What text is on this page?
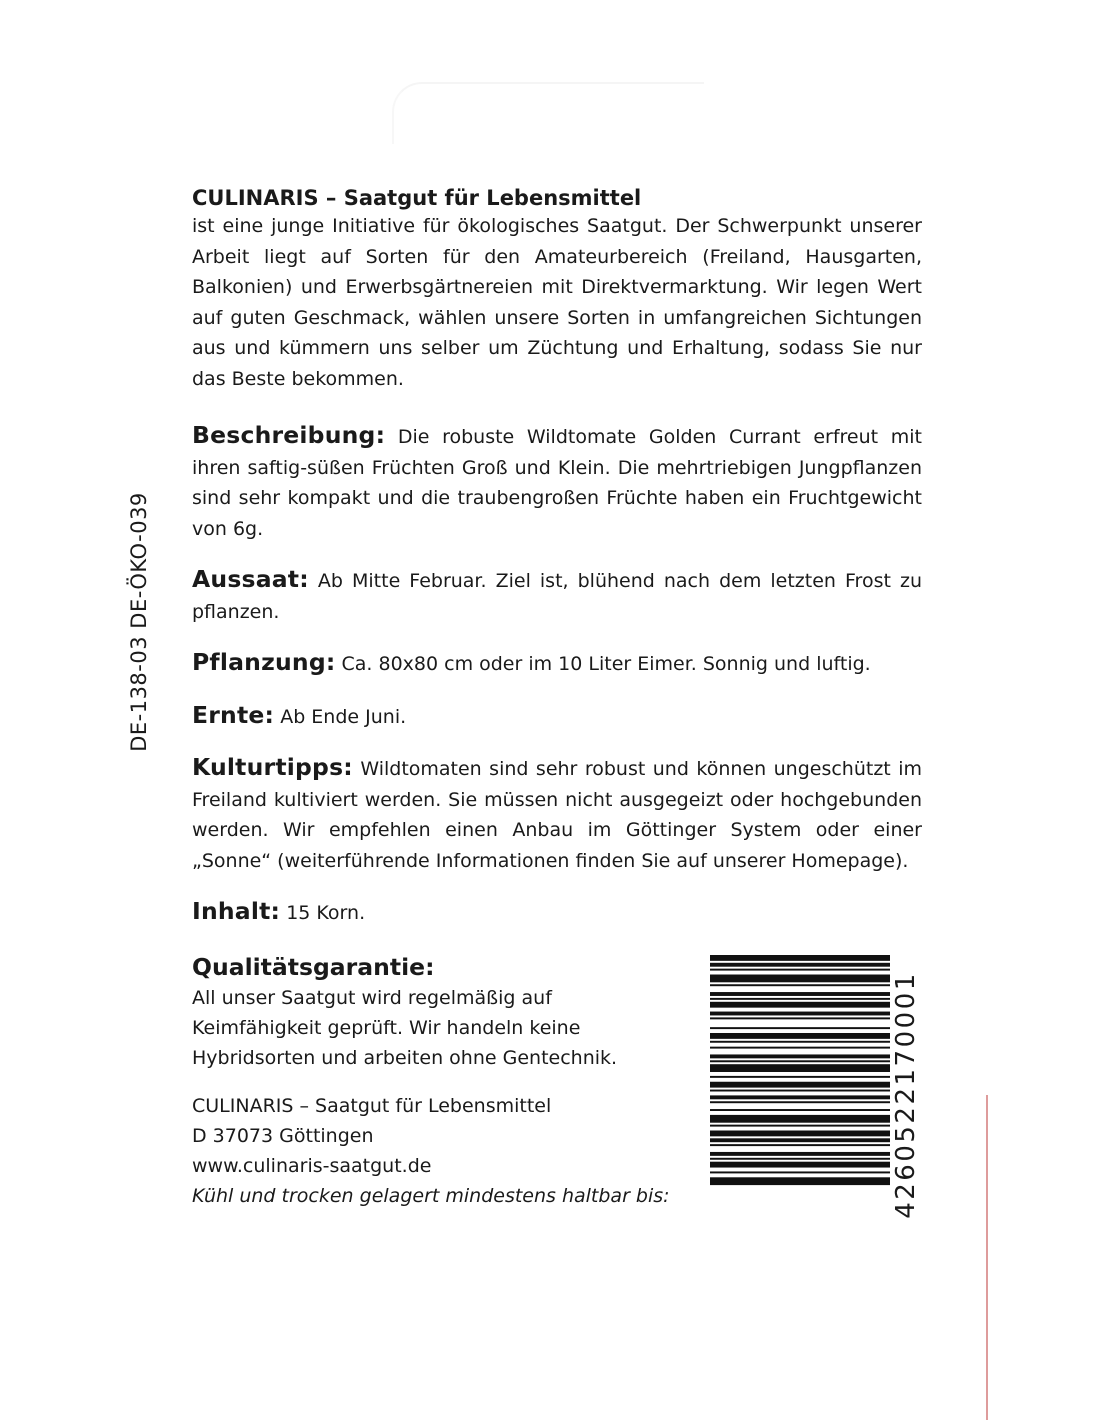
DE-138-03 DE-ÖKO-039

CULINARIS – Saatgut für Lebensmittel

ist eine junge Initiative für ökologisches Saatgut. Der Schwerpunkt unserer Arbeit liegt auf Sorten für den Amateurbereich (Freiland, Hausgarten, Balkonien) und Erwerbsgärtnereien mit Direktvermarktung. Wir legen Wert auf guten Geschmack, wählen unsere Sorten in umfangreichen Sichtungen aus und kümmern uns selber um Züchtung und Erhaltung, sodass Sie nur das Beste bekommen.

Beschreibung: Die robuste Wildtomate Golden Currant erfreut mit ihren saftig-süßen Früchten Groß und Klein. Die mehrtriebigen Jungpflanzen sind sehr kompakt und die traubengroßen Früchte haben ein Fruchtgewicht von 6g.

Aussaat: Ab Mitte Februar. Ziel ist, blühend nach dem letzten Frost zu pflanzen.

Pflanzung: Ca. 80x80 cm oder im 10 Liter Eimer. Sonnig und luftig.

Ernte: Ab Ende Juni.

Kulturtipps: Wildtomaten sind sehr robust und können ungeschützt im Freiland kultiviert werden. Sie müssen nicht ausgegeizt oder hochgebunden werden. Wir empfehlen einen Anbau im Göttinger System oder einer „Sonne“ (weiterführende Informationen finden Sie auf unserer Homepage).

Inhalt: 15 Korn.

Qualitätsgarantie:

All unser Saatgut wird regelmäßig auf

Keimfähigkeit geprüft. Wir handeln keine

Hybridsorten und arbeiten ohne Gentechnik.

CULINARIS – Saatgut für Lebensmittel
D 37073 Göttingen
www.culinaris-saatgut.de
Kühl und trocken gelagert mindestens haltbar bis:	4260522170001
